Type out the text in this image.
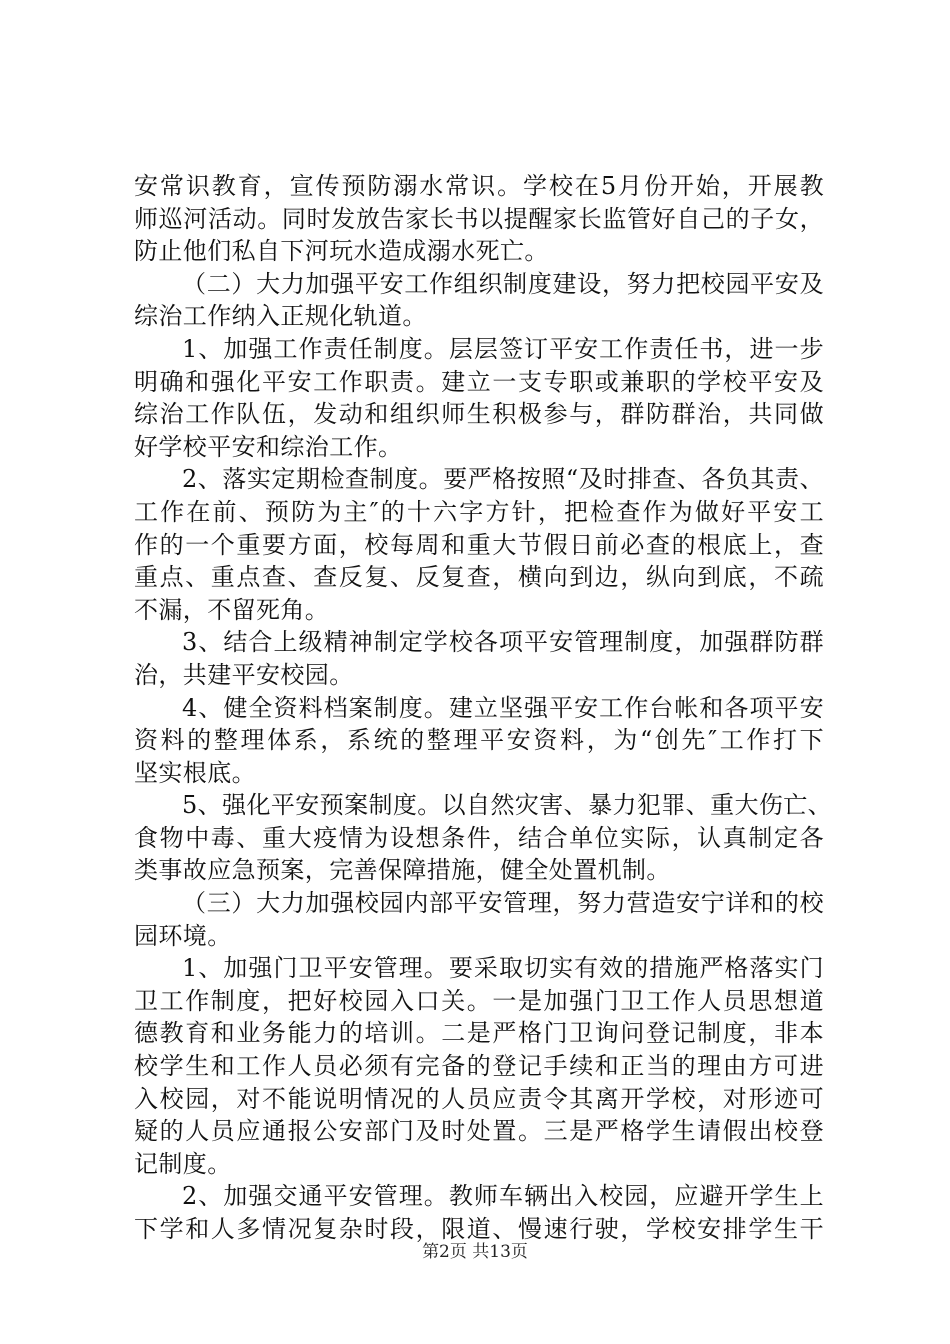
安常识教育，宣传预防溺水常识。学校在5月份开始，开展教
师巡河活动。同时发放告家长书以提醒家长监管好自己的子女，
防止他们私自下河玩水造成溺水死亡。
（二）大力加强平安工作组织制度建设，努力把校园平安及
综治工作纳入正规化轨道。
1、加强工作责任制度。层层签订平安工作责任书，进一步
明确和强化平安工作职责。建立一支专职或兼职的学校平安及
综治工作队伍，发动和组织师生积极参与，群防群治，共同做
好学校平安和综治工作。
2、落实定期检查制度。要严格按照“及时排查、各负其责、
工作在前、预防为主″的十六字方针，把检查作为做好平安工
作的一个重要方面，校每周和重大节假日前必查的根底上，查
重点、重点查、查反复、反复查，横向到边，纵向到底，不疏
不漏，不留死角。
3、结合上级精神制定学校各项平安管理制度，加强群防群
治，共建平安校园。
4、健全资料档案制度。建立坚强平安工作台帐和各项平安
资料的整理体系，系统的整理平安资料，为“创先″工作打下
坚实根底。
5、强化平安预案制度。以自然灾害、暴力犯罪、重大伤亡、
食物中毒、重大疫情为设想条件，结合单位实际，认真制定各
类事故应急预案，完善保障措施，健全处置机制。
（三）大力加强校园内部平安管理，努力营造安宁详和的校
园环境。
1、加强门卫平安管理。要采取切实有效的措施严格落实门
卫工作制度，把好校园入口关。一是加强门卫工作人员思想道
德教育和业务能力的培训。二是严格门卫询问登记制度，非本
校学生和工作人员必须有完备的登记手续和正当的理由方可进
入校园，对不能说明情况的人员应责令其离开学校，对形迹可
疑的人员应通报公安部门及时处置。三是严格学生请假出校登
记制度。
2、加强交通平安管理。教师车辆出入校园，应避开学生上
下学和人多情况复杂时段，限道、慢速行驶，学校安排学生干
第2页 共13页
